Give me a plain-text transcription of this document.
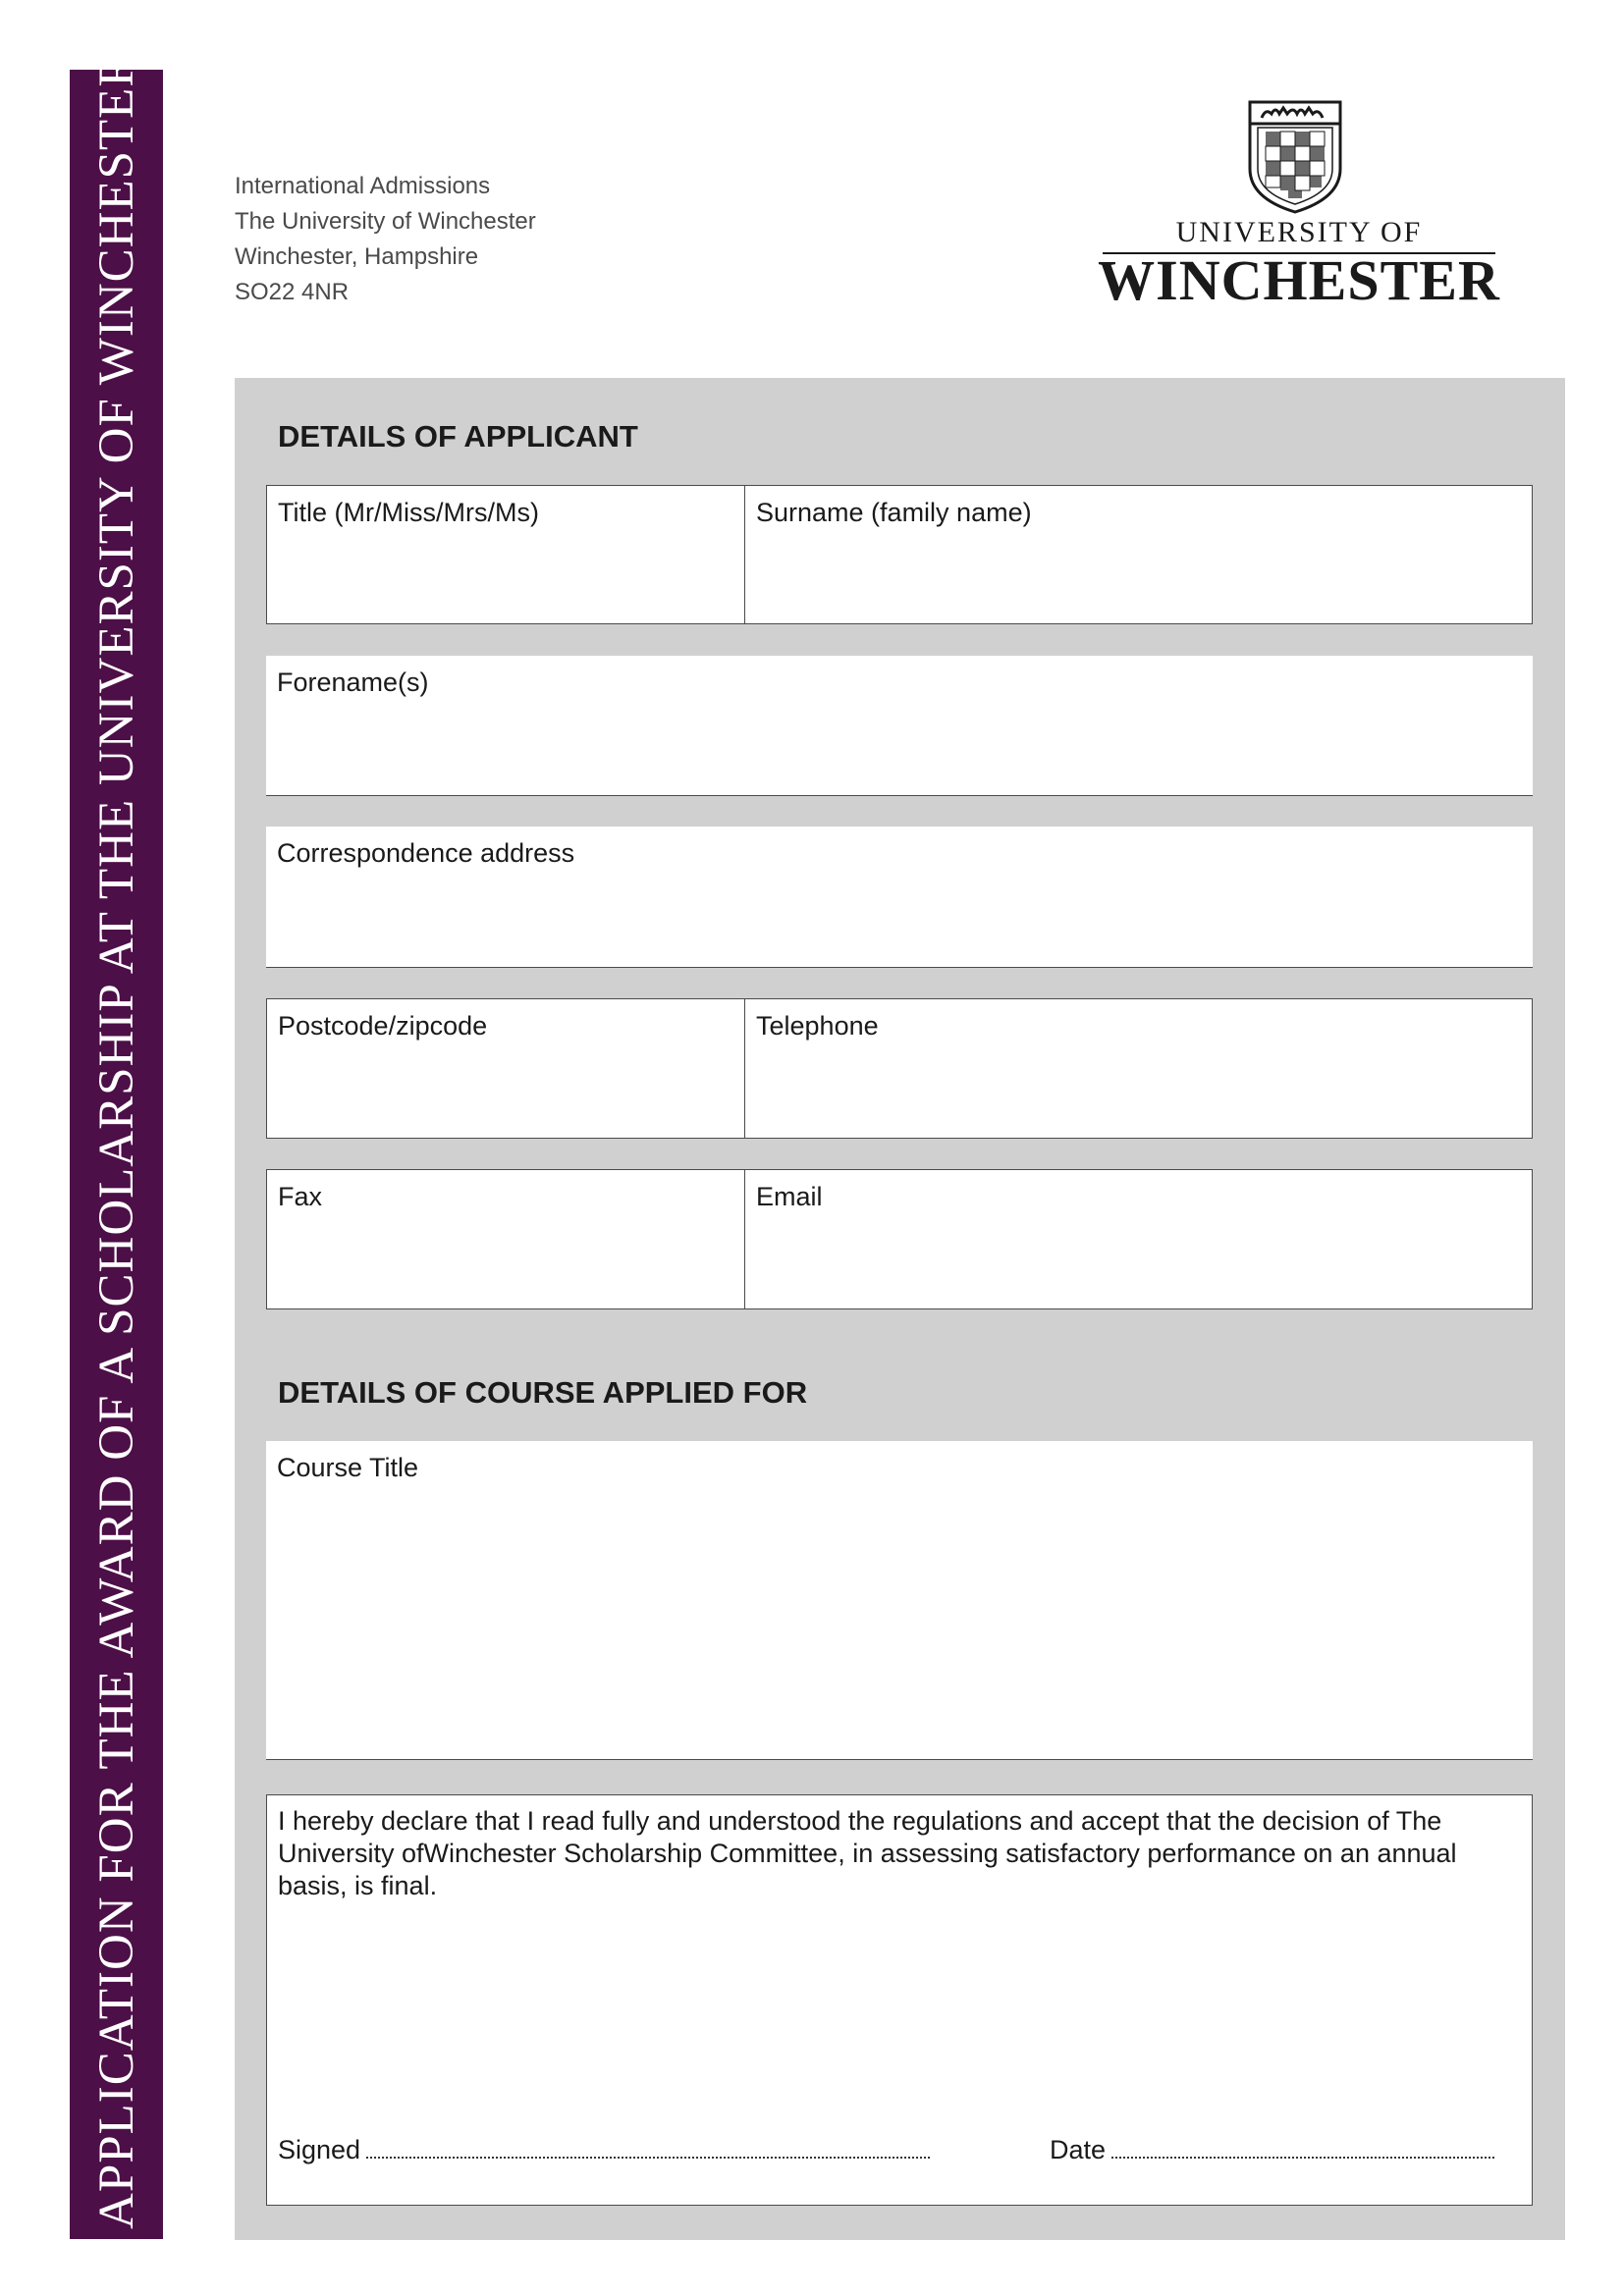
APPLICATION FOR THE AWARD OF A SCHOLARSHIP AT THE UNIVERSITY OF WINCHESTER	International Admissions
The University of Winchester
Winchester, Hampshire
SO22 4NR
UNIVERSITY OF
WINCHESTER
DETAILS OF APPLICANT
Title (Mr/Miss/Mrs/Ms)	Surname (family name)
Forename(s)
Correspondence address
Postcode/zipcode	Telephone
Fax	Email
DETAILS OF COURSE APPLIED FOR
Course Title
I hereby declare that I read fully and understood the regulations and accept that the decision of The University ofWinchester Scholarship Committee, in assessing satisfactory performance on an annual basis, is final.
Signed	Date
